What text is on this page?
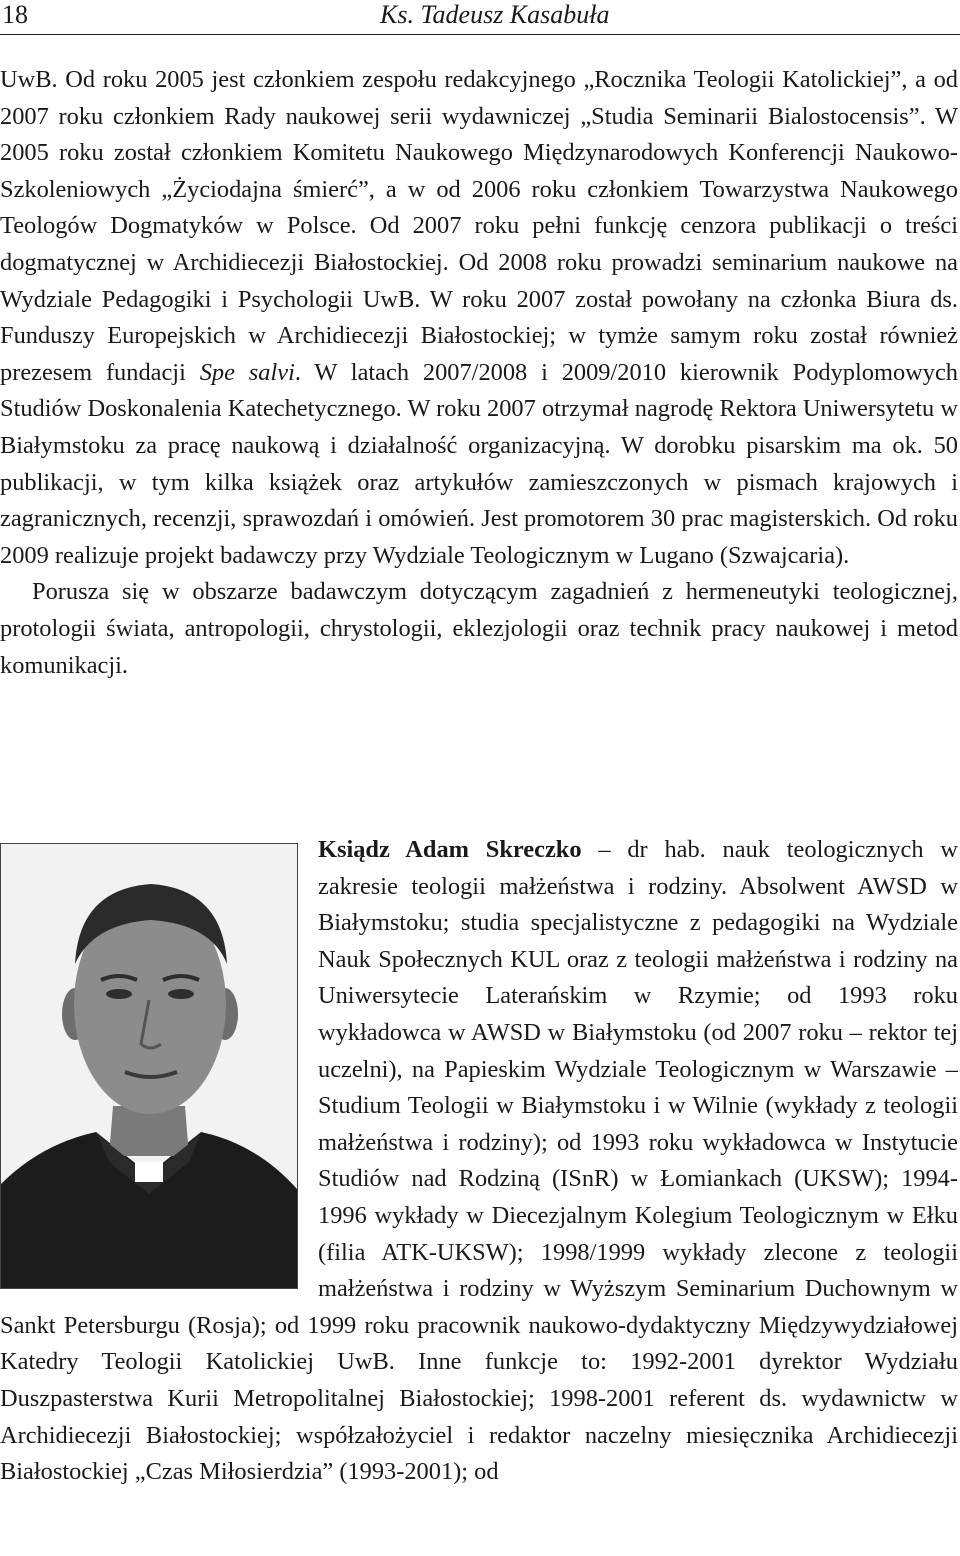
18	Ks. Tadeusz Kasabuła

UwB. Od roku 2005 jest członkiem zespołu redakcyjnego „Rocznika Teologii Katolickiej”, a od 2007 roku członkiem Rady naukowej serii wydawniczej „Studia Seminarii Bialostocensis”. W 2005 roku został członkiem Komitetu Naukowego Międzynarodowych Konferencji Naukowo-Szkoleniowych „Życiodajna śmierć”, a w od 2006 roku członkiem Towarzystwa Naukowego Teologów Dogmatyków w Polsce. Od 2007 roku pełni funkcję cenzora publikacji o treści dogmatycznej w Archidiecezji Białostockiej. Od 2008 roku prowadzi seminarium naukowe na Wydziale Pedagogiki i Psychologii UwB. W roku 2007 został powołany na członka Biura ds. Funduszy Europejskich w Archidiecezji Białostockiej; w tymże samym roku został również prezesem fundacji Spe salvi. W latach 2007/2008 i 2009/2010 kierownik Podyplomowych Studiów Doskonalenia Katechetycznego. W roku 2007 otrzymał nagrodę Rektora Uniwersytetu w Białymstoku za pracę naukową i działalność organizacyjną. W dorobku pisarskim ma ok. 50 publikacji, w tym kilka książek oraz artykułów zamieszczonych w pismach krajowych i zagranicznych, recenzji, sprawozdań i omówień. Jest promotorem 30 prac magisterskich. Od roku 2009 realizuje projekt badawczy przy Wydziale Teologicznym w Lugano (Szwajcaria).

Porusza się w obszarze badawczym dotyczącym zagadnień z hermeneutyki teologicznej, protologii świata, antropologii, chrystologii, eklezjologii oraz technik pracy naukowej i metod komunikacji.

Ksiądz Adam Skreczko – dr hab. nauk teologicznych w zakresie teologii małżeństwa i rodziny. Absolwent AWSD w Białymstoku; studia specjalistyczne z pedagogiki na Wydziale Nauk Społecznych KUL oraz z teologii małżeństwa i rodziny na Uniwersytecie Laterańskim w Rzymie; od 1993 roku wykładowca w AWSD w Białymstoku (od 2007 roku – rektor tej uczelni), na Papieskim Wydziale Teologicznym w Warszawie – Studium Teologii w Białymstoku i w Wilnie (wykłady z teologii małżeństwa i rodziny); od 1993 roku wykładowca w Instytucie Studiów nad Rodziną (ISnR) w Łomiankach (UKSW); 1994-1996 wykłady w Diecezjalnym Kolegium Teologicznym w Ełku (filia ATK-UKSW); 1998/1999 wykłady zlecone z teologii małżeństwa i rodziny w Wyższym Seminarium Duchownym w Sankt Petersburgu (Rosja); od 1999 roku pracownik naukowo-dydaktyczny Międzywydziałowej Katedry Teologii Katolickiej UwB. Inne funkcje to: 1992-2001 dyrektor Wydziału Duszpasterstwa Kurii Metropolitalnej Białostockiej; 1998-2001 referent ds. wydawnictw w Archidiecezji Białostockiej; współzałożyciel i redaktor naczelny miesięcznika Archidiecezji Białostockiej „Czas Miłosierdzia” (1993-2001); od
